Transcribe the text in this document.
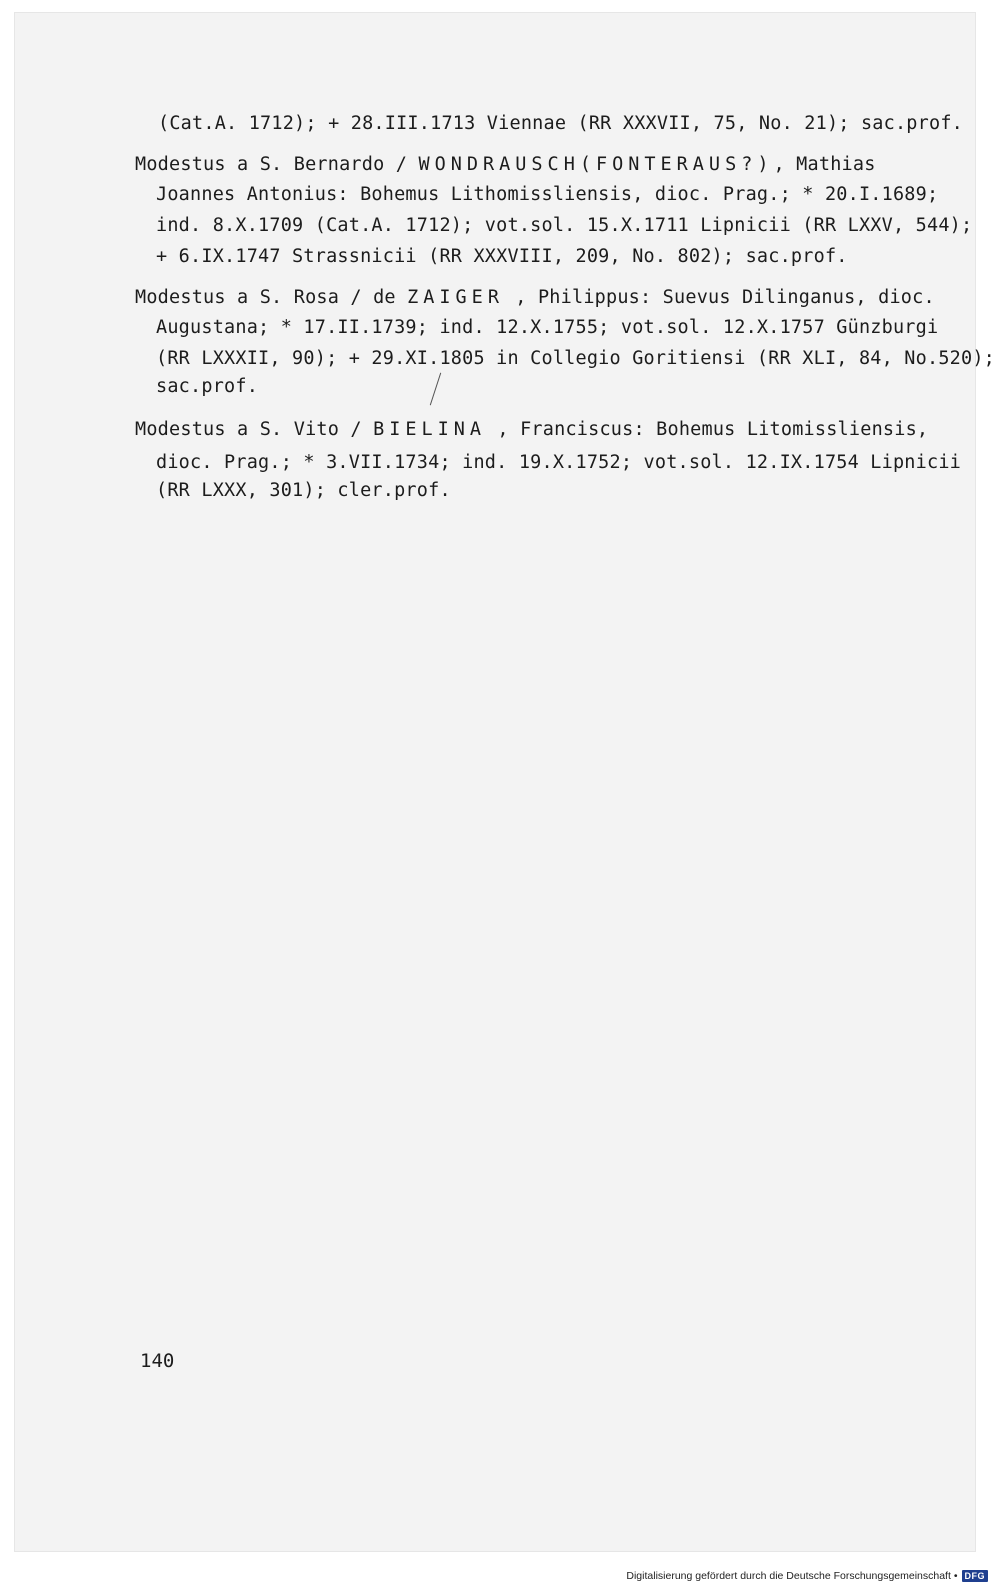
(Cat.A. 1712); + 28.III.1713 Viennae (RR XXXVII, 75, No. 21); sac.prof.
Modestus a S. Bernardo / WONDRAUSCH(FONTERAUS?), Mathias
Joannes Antonius: Bohemus Lithomissliensis, dioc. Prag.; * 20.I.1689;
ind. 8.X.1709 (Cat.A. 1712); vot.sol. 15.X.1711 Lipnicii (RR LXXV, 544);
+ 6.IX.1747 Strassnicii (RR XXXVIII, 209, No. 802); sac.prof.
Modestus a S. Rosa / de ZAIGER , Philippus: Suevus Dilinganus, dioc.
Augustana; * 17.II.1739; ind. 12.X.1755; vot.sol. 12.X.1757 Günzburgi
(RR LXXXII, 90); + 29.XI.1805 in Collegio Goritiensi (RR XLI, 84, No.520);
sac.prof.
Modestus a S. Vito / BIELINA , Franciscus: Bohemus Litomissliensis,
dioc. Prag.; * 3.VII.1734; ind. 19.X.1752; vot.sol. 12.IX.1754 Lipnicii
(RR LXXX, 301); cler.prof.
140
Digitalisierung gefördert durch die Deutsche Forschungsgemeinschaft • DFG
